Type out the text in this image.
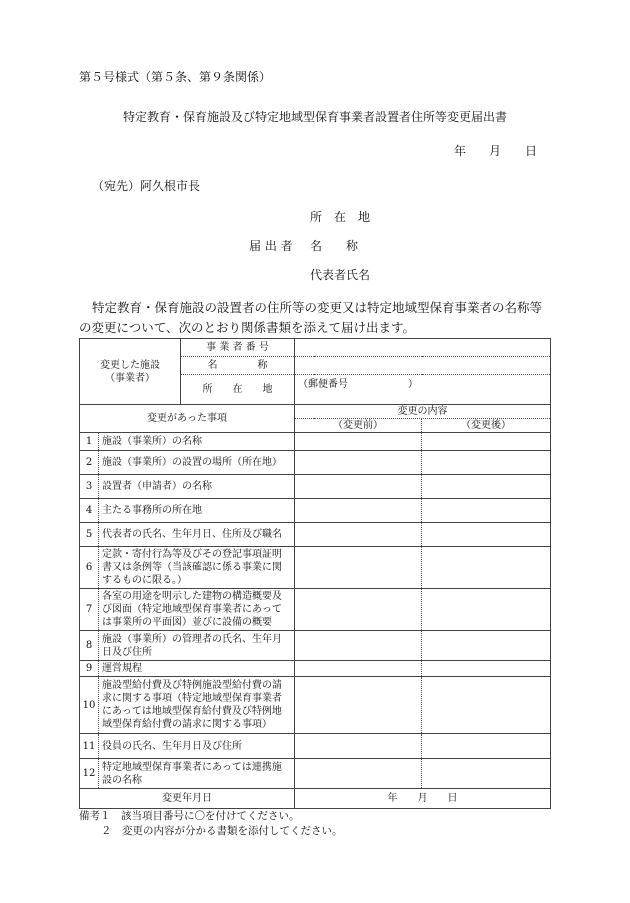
第５号様式（第５条、第９条関係）
特定教育・保育施設及び特定地域型保育事業者設置者住所等変更届出書
年 月 日
（宛先）阿久根市長
所　在　地
届 出 者 名　　称
代表者氏名
特定教育・保育施設の設置者の住所等の変更又は特定地域型保育事業者の名称等の変更について、次のとおり関係書類を添えて届け出ます。
変更した施設
（事業者）		事 業 者 番 号		
		名　　　　称		
		所　　在　　地	（郵便番号　　　　　　）	
変更があった事項			変更の内容	
			（変更前）	（変更後）
1	施設（事業所）の名称			
2	施設（事業所）の設置の場所（所在地）			
3	設置者（申請者）の名称			
4	主たる事務所の所在地			
5	代表者の氏名、生年月日、住所及び職名			
6	定款・寄付行為等及びその登記事項証明書又は条例等（当該確認に係る事業に関するものに限る。）			
7	各室の用途を明示した建物の構造概要及び図面（特定地域型保育事業者にあっては事業所の平面図）並びに設備の概要			
8	施設（事業所）の管理者の氏名、生年月日及び住所			
9	運営規程			
10	施設型給付費及び特例施設型給付費の請求に関する事項（特定地域型保育事業者にあっては地域型保育給付費及び特例地域型保育給付費の請求に関する事項）			
11	役員の氏名、生年月日及び住所			
12	特定地域型保育事業者にあっては連携施設の名称			
変更年月日			年　　月　　日	
備考１　該当項目番号に〇を付けてください。
２　変更の内容が分かる書類を添付してください。
